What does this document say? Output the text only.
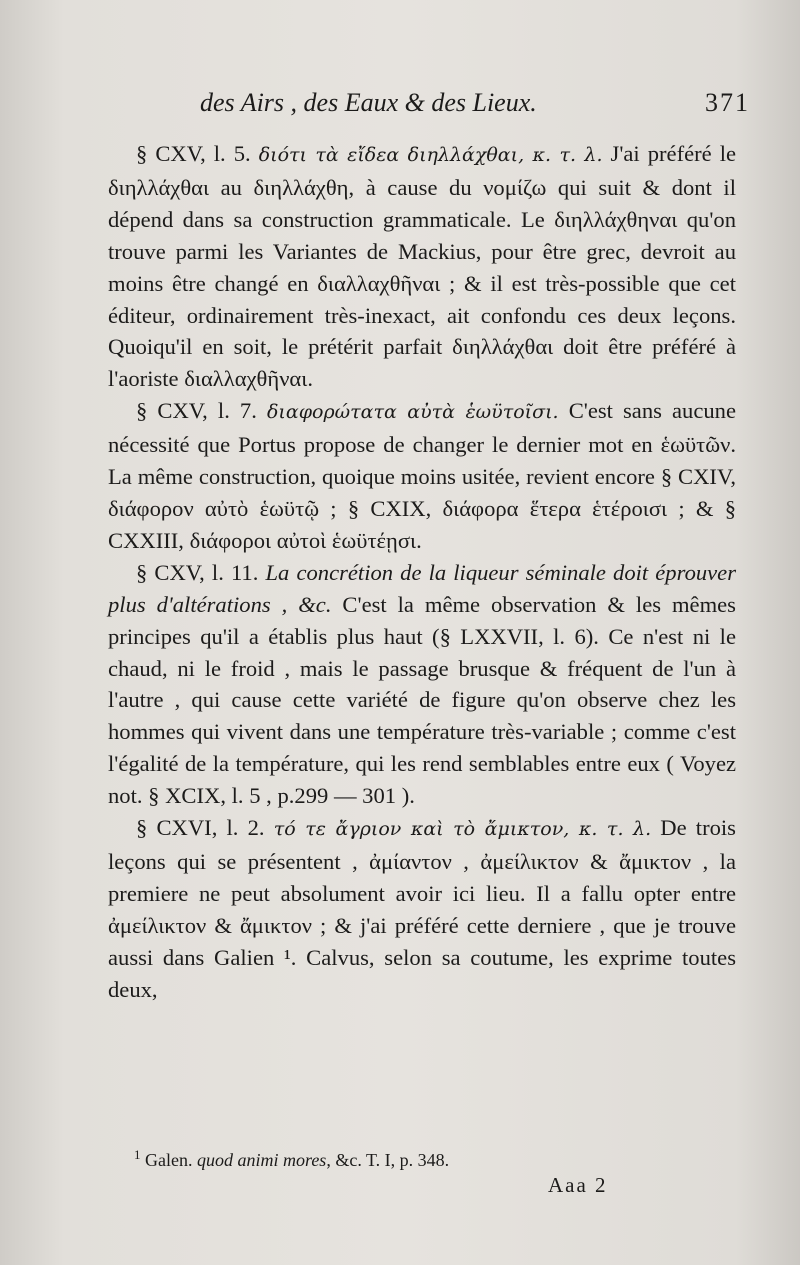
des Airs , des Eaux & des Lieux.	371

§ CXV, l. 5. διότι τὰ εἴδεα διηλλάχθαι, κ. τ. λ. J'ai préféré le διηλλάχθαι au διηλλάχθη, à cause du νομίζω qui suit & dont il dépend dans sa construction grammaticale. Le διηλλάχθηναι qu'on trouve parmi les Variantes de Mackius, pour être grec, devroit au moins être changé en διαλλαχθῆναι ; & il est très-possible que cet éditeur, ordinairement très-inexact, ait confondu ces deux leçons. Quoiqu'il en soit, le prétérit parfait διηλλάχθαι doit être préféré à l'aoriste διαλλαχθῆναι.

§ CXV, l. 7. διαφορώτατα αὐτὰ ἑωϋτοῖσι. C'est sans aucune nécessité que Portus propose de changer le dernier mot en ἑωϋτῶν. La même construction, quoique moins usitée, revient encore § CXIV, διάφορον αὐτὸ ἑωϋτῷ ; § CXIX, διάφορα ἕτερα ἑτέροισι ; & § CXXIII, διάφοροι αὐτοὶ ἑωϋτέῃσι.

§ CXV, l. 11. La concrétion de la liqueur séminale doit éprouver plus d'altérations , &c. C'est la même observation & les mêmes principes qu'il a établis plus haut (§ LXXVII, l. 6). Ce n'est ni le chaud, ni le froid , mais le passage brusque & fréquent de l'un à l'autre , qui cause cette variété de figure qu'on observe chez les hommes qui vivent dans une température très-variable ; comme c'est l'égalité de la température, qui les rend semblables entre eux ( Voyez not. § XCIX, l. 5 , p.299 — 301 ).

§ CXVI, l. 2. τό τε ἄγριον καὶ τὸ ἄμικτον, κ. τ. λ. De trois leçons qui se présentent , ἀμίαντον , ἀμείλικτον & ἄμικτον , la premiere ne peut absolument avoir ici lieu. Il a fallu opter entre ἀμείλικτον & ἄμικτον ; & j'ai préféré cette derniere , que je trouve aussi dans Galien ¹. Calvus, selon sa coutume, les exprime toutes deux,

$^1$ Galen. quod animi mores, &c. T. I, p. 348.
Aaa 2
